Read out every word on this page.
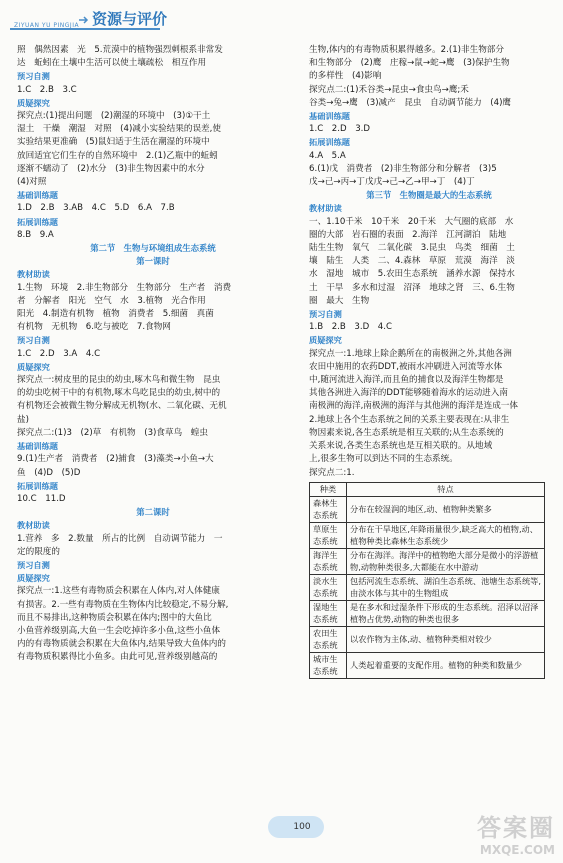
ZIYUAN YU PINGJIA 资源与评价

照　偶然因素　光　5.荒漠中的植物强烈刺根系非常发

达　蚯蚓在土壤中生活可以使土壤疏松　相互作用

预习自测

1.C　2.B　3.C

质疑探究

探究点:(1)提出问题　(2)潮湿的环境中　(3)①干土

湿土　干燥　潮湿　对照　(4)减小实验结果的误差,使

实验结果更准确　(5)鼠妇适于生活在潮湿的环境中

放回适宜它们生存的自然环境中　2.(1)乙瓶中的蚯蚓

逐渐不蠕动了　(2)水分　(3)非生物因素中的水分

(4)对照

基础训练题

1.D　2.B　3.AB　4.C　5.D　6.A　7.B

拓展训练题

8.B　9.A

第二节　生物与环境组成生态系统

第一课时

教材助读

1.生物　环境　2.非生物部分　生物部分　生产者　消费

者　分解者　阳光　空气　水　3.植物　光合作用

阳光　4.制造有机物　植物　消费者　5.细菌　真菌

有机物　无机物　6.吃与被吃　7.食物网

预习自测

1.C　2.D　3.A　4.C

质疑探究

探究点一:树皮里的昆虫的幼虫,啄木鸟和微生物　昆虫

的幼虫吃树干中的有机物,啄木鸟吃昆虫的幼虫,树中的

有机物还会被微生物分解成无机物(水、二氧化碳、无机

盐)

探究点二:(1)3　(2)草　有机物　(3)食草鸟　蝗虫

基础训练题

9.(1)生产者　消费者　(2)捕食　(3)藻类→小鱼→大

鱼　(4)D　(5)D

拓展训练题

10.C　11.D

第二课时

教材助读

1.营养　多　2.数量　所占的比例　自动调节能力　一

定的限度的

预习自测

质疑探究

探究点一:1.这些有毒物质会积累在人体内,对人体健康

有损害。2.一些有毒物质在生物体内比较稳定,不易分解,

而且不易排出,这种物质会积累在体内;图中的大鱼比

小鱼营养级别高,大鱼一生会吃掉许多小鱼,这些小鱼体

内的有毒物质就会积累在大鱼体内,结果导致大鱼体内的

有毒物质积累得比小鱼多。由此可见,营养级别越高的

生物,体内的有毒物质积累得越多。2.(1)非生物部分

和生物部分　(2)鹰　庄稼→鼠→蛇→鹰　(3)保护生物

的多样性　(4)影响

探究点二:(1)禾谷类→昆虫→食虫鸟→鹰;禾

谷类→兔→鹰　(3)减产　昆虫　自动调节能力　(4)鹰

基础训练题

1.C　2.D　3.D

拓展训练题

4.A　5.A

6.(1)戊　消费者　(2)非生物部分和分解者　(3)5

戊→己→丙→丁戊戊→己→乙→甲→丁　(4)丁

第三节　生物圈是最大的生态系统

教材助读

一、1.10千米　10千米　20千米　大气圈的底部　水

圈的大部　岩石圈的表面　2.海洋　江河湖泊　陆地

陆生生物　氧气　二氧化碳　3.昆虫　鸟类　细菌　土

壤　陆生　人类　二、4.森林　草原　荒漠　海洋　淡

水　湿地　城市　5.农田生态系统　涵养水源　保持水

土　干旱　多水和过湿　沼泽　地球之肾　三、6.生物

圈　最大　生物

预习自测

1.B　2.B　3.D　4.C

质疑探究

探究点一:1.地球上除企鹅所在的南极洲之外,其他各洲

农田中施用的农药DDT,被雨水冲刷进入河流等水体

中,随河流进入海洋,而且鱼的捕食以及海洋生物都是

其他各洲进入海洋的DDT能够随着海水的运动进入南

南极洲的海洋,南极洲的海洋与其他洲的海洋是连成一体

2.地球上各个生态系统之间的关系主要表现在:从非生

物因素来说,各生态系统是相互关联的;从生态系统的

关系来说,各类生态系统也是互相关联的。从地域

上,很多生物可以到达不同的生态系统。

探究点二:1.

种类	特点
森林生态系统	分布在较湿润的地区,动、植物种类繁多
草原生态系统	分布在干旱地区,年降雨量很少,缺乏高大的植物,动、植物种类比森林生态系统少
海洋生态系统	分布在海洋。海洋中的植物绝大部分是微小的浮游植物,动物种类很多,大都能在水中游动
淡水生态系统	包括河流生态系统、湖泊生态系统、池塘生态系统等,由淡水体与其中的生物组成
湿地生态系统	是在多水和过湿条件下形成的生态系统。沼泽以沼泽植物占优势,动物的种类也很多
农田生态系统	以农作物为主体,动、植物种类相对较少
城市生态系统	人类起着重要的支配作用。植物的种类和数量少
100	答案圈
MXQE.COM
